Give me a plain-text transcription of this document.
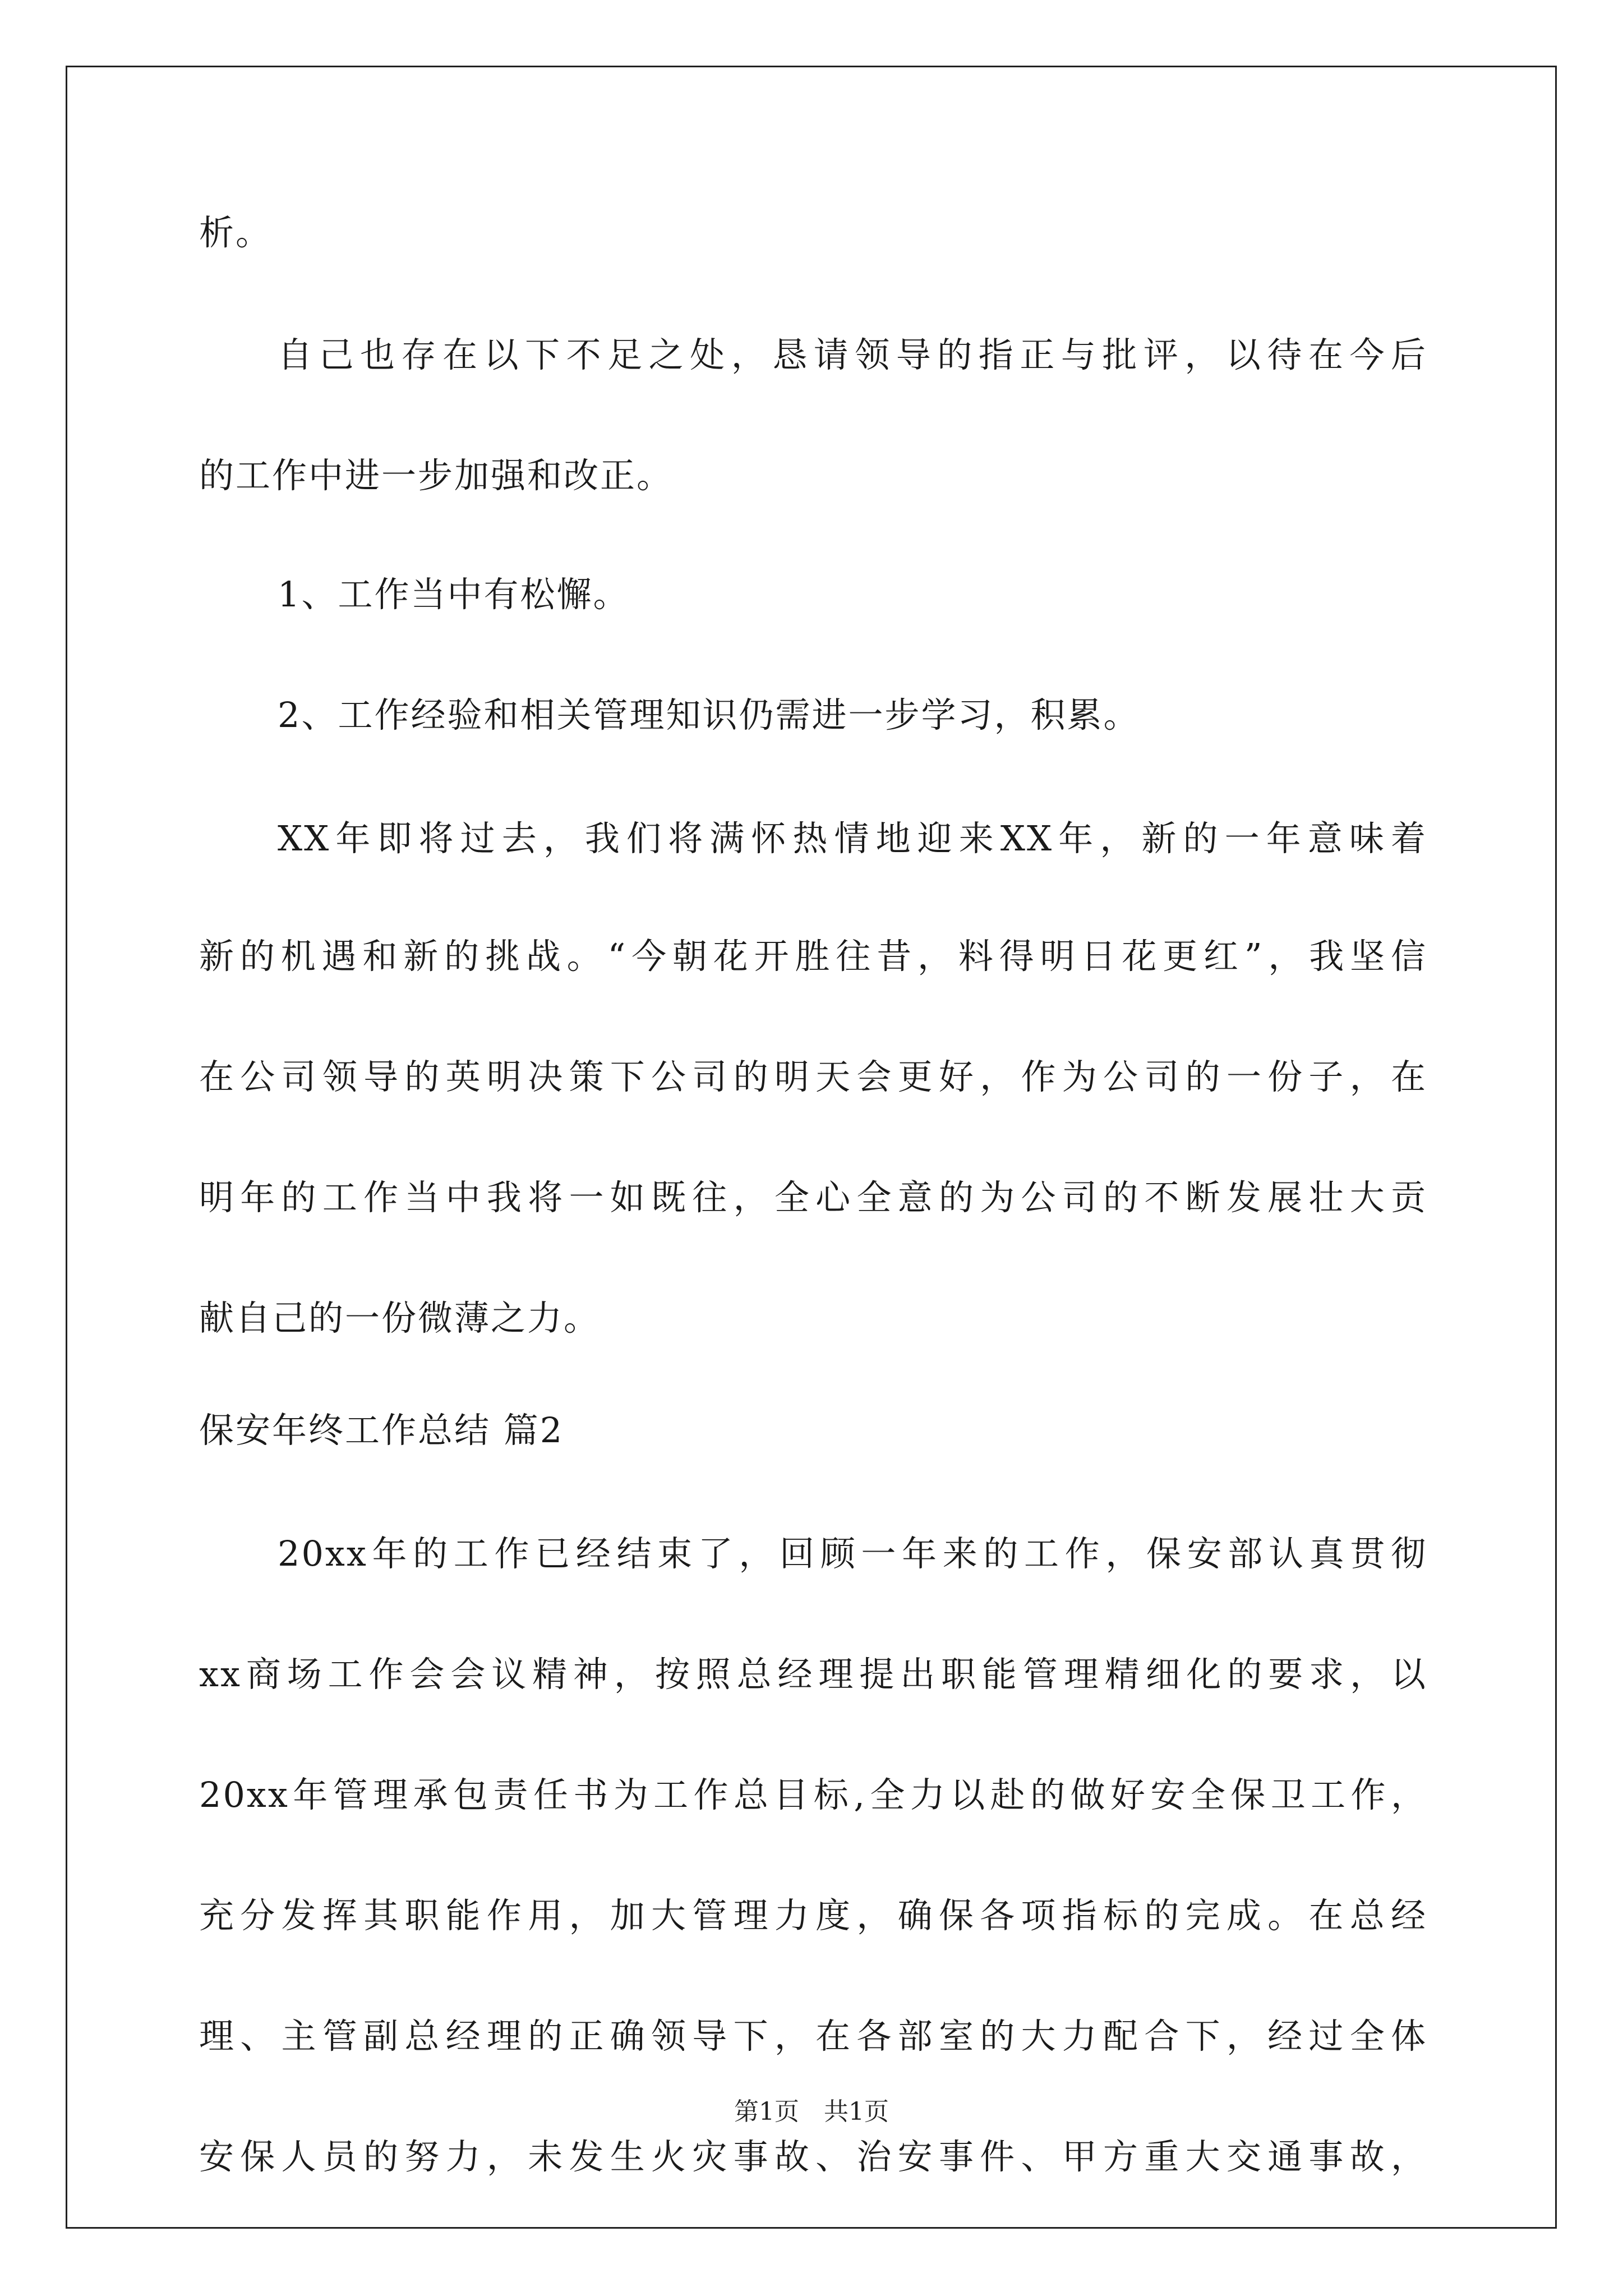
析。
自己也存在以下不足之处，恳请领导的指正与批评，以待在今后
的工作中进一步加强和改正。
1、工作当中有松懈。
2、工作经验和相关管理知识仍需进一步学习，积累。
XX年即将过去，我们将满怀热情地迎来XX年，新的一年意味着
新的机遇和新的挑战。“今朝花开胜往昔，料得明日花更红”，我坚信
在公司领导的英明决策下公司的明天会更好，作为公司的一份子，在
明年的工作当中我将一如既往，全心全意的为公司的不断发展壮大贡
献自己的一份微薄之力。
保安年终工作总结 篇2
20xx年的工作已经结束了，回顾一年来的工作，保安部认真贯彻
xx商场工作会会议精神，按照总经理提出职能管理精细化的要求，以
20xx年管理承包责任书为工作总目标,全力以赴的做好安全保卫工作，
充分发挥其职能作用，加大管理力度，确保各项指标的完成。在总经
理、主管副总经理的正确领导下，在各部室的大力配合下，经过全体
安保人员的努力，未发生火灾事故、治安事件、甲方重大交通事故，
第1页　共1页
